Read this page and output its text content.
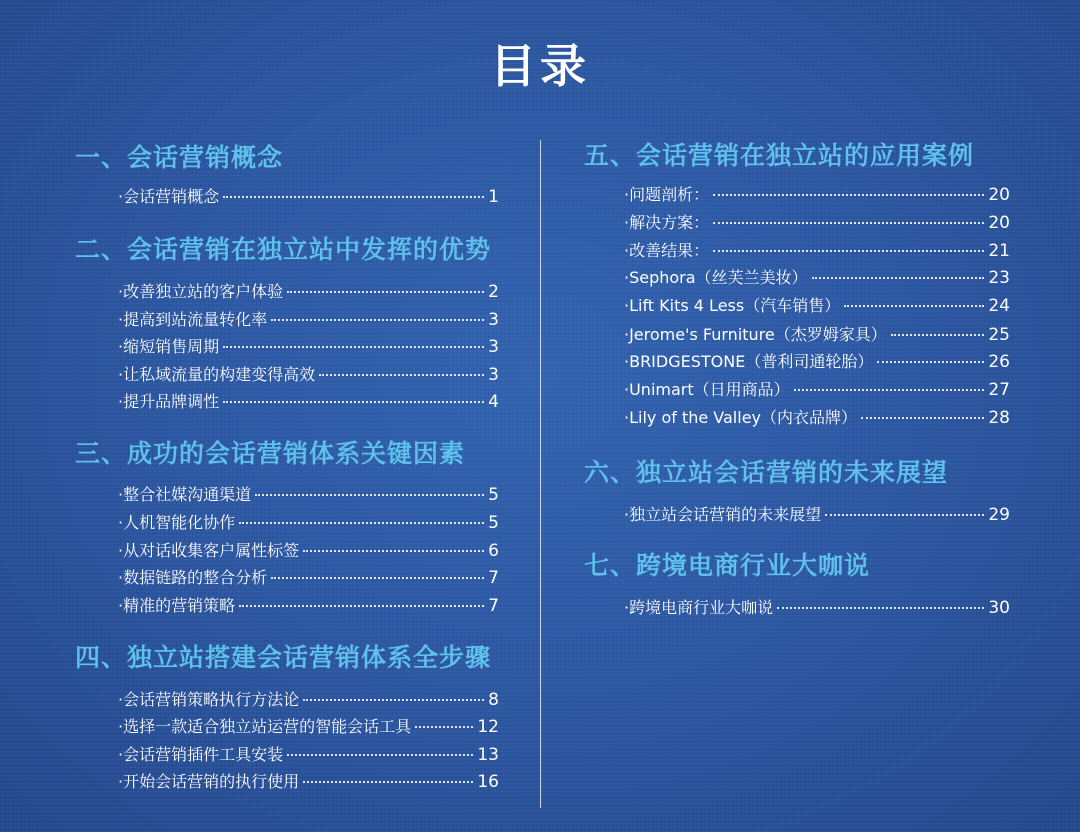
目录
一、会话营销概念
·会话营销概念	1
二、会话营销在独立站中发挥的优势
·改善独立站的客户体验	2
·提高到站流量转化率	3
·缩短销售周期	3
·让私域流量的构建变得高效	3
·提升品牌调性	4
三、成功的会话营销体系关键因素
·整合社媒沟通渠道	5
·人机智能化协作	5
·从对话收集客户属性标签	6
·数据链路的整合分析	7
·精准的营销策略	7
四、独立站搭建会话营销体系全步骤
·会话营销策略执行方法论	8
·选择一款适合独立站运营的智能会话工具	12
·会话营销插件工具安装	13
·开始会话营销的执行使用	16
五、会话营销在独立站的应用案例
·问题剖析：	20
·解决方案：	20
·改善结果：	21
·Sephora（丝芙兰美妆）	23
·Lift Kits 4 Less（汽车销售）	24
·Jerome's Furniture（杰罗姆家具）	25
·BRIDGESTONE（普利司通轮胎）	26
·Unimart（日用商品）	27
·Lily of the Valley（内衣品牌）	28
六、独立站会话营销的未来展望
·独立站会话营销的未来展望	29
七、跨境电商行业大咖说
·跨境电商行业大咖说	30
